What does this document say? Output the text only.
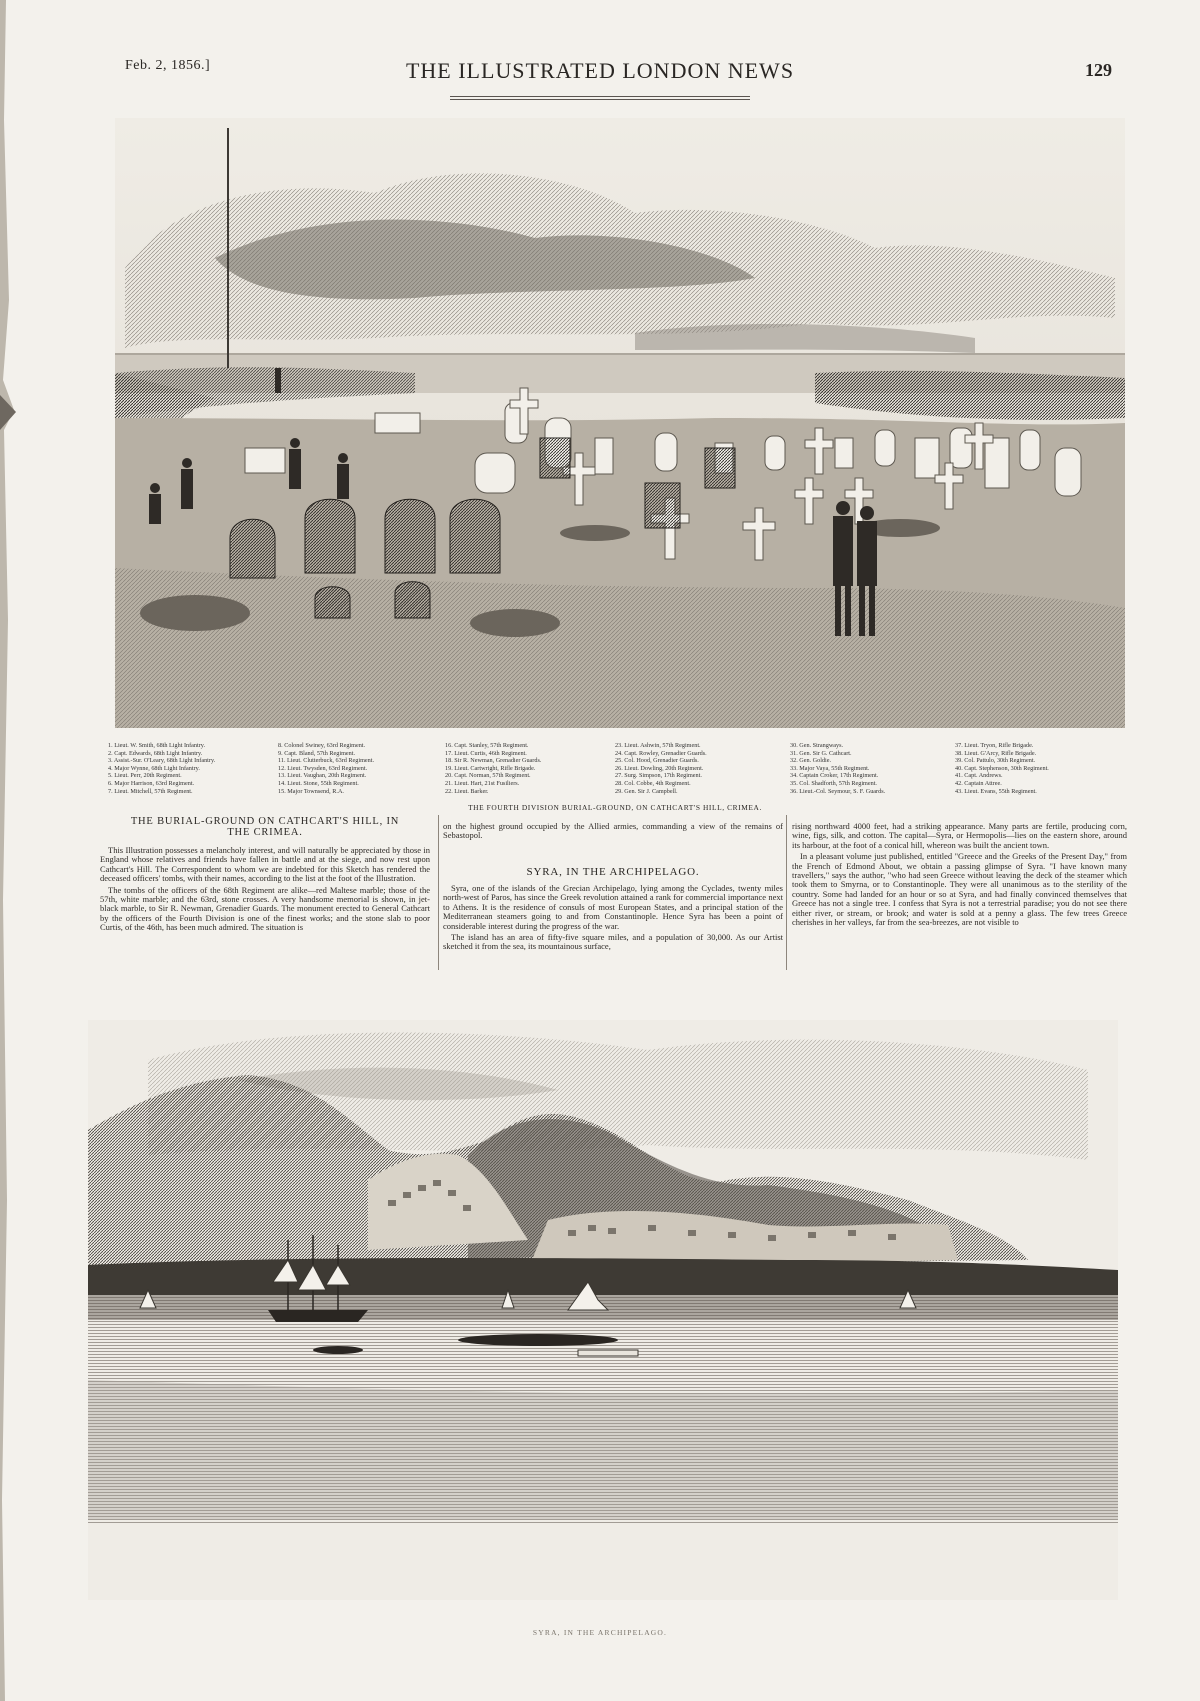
Feb. 2, 1856.]	THE ILLUSTRATED LONDON NEWS	129
1. Lieut. W. Smith, 68th Light Infantry.
2. Capt. Edwards, 68th Light Infantry.
3. Assist.-Sur. O'Leary, 68th Light Infantry.
4. Major Wynne, 68th Light Infantry.
5. Lieut. Perr, 20th Regiment.
6. Major Harrison, 63rd Regiment.
7. Lieut. Mitchell, 57th Regiment.
8. Colonel Swiney, 63rd Regiment.
9. Capt. Bland, 57th Regiment.
11. Lieut. Clutterbuck, 63rd Regiment.
12. Lieut. Twysden, 63rd Regiment.
13. Lieut. Vaughan, 20th Regiment.
14. Lieut. Stone, 55th Regiment.
15. Major Townsend, R.A.
16. Capt. Stanley, 57th Regiment.
17. Lieut. Curtis, 46th Regiment.
18. Sir R. Newman, Grenadier Guards.
19. Lieut. Cartwright, Rifle Brigade.
20. Capt. Norman, 57th Regiment.
21. Lieut. Hart, 21st Fusiliers.
22. Lieut. Barker.
23. Lieut. Ashwin, 57th Regiment.
24. Capt. Rowley, Grenadier Guards.
25. Col. Hood, Grenadier Guards.
26. Lieut. Dowling, 20th Regiment.
27. Surg. Simpson, 17th Regiment.
28. Col. Cobbe, 4th Regiment.
29. Gen. Sir J. Campbell.
30. Gen. Strangways.
31. Gen. Sir G. Cathcart.
32. Gen. Goldie.
33. Major Vaya, 55th Regiment.
34. Captain Croker, 17th Regiment.
35. Col. Shadforth, 57th Regiment.
36. Lieut.-Col. Seymour, S. F. Guards.
37. Lieut. Tryon, Rifle Brigade.
38. Lieut. G'Arcy, Rifle Brigade.
39. Col. Pattulo, 30th Regiment.
40. Capt. Stephenson, 30th Regiment.
41. Capt. Andrews.
42. Captain Attree.
43. Lieut. Evans, 55th Regiment.
THE FOURTH DIVISION BURIAL-GROUND, ON CATHCART'S HILL, CRIMEA.
THE BURIAL-GROUND ON CATHCART'S HILL, IN
THE CRIMEA.

This Illustration possesses a melancholy interest, and will naturally be appreciated by those in England whose relatives and friends have fallen in battle and at the siege, and now rest upon Cathcart's Hill. The Correspondent to whom we are indebted for this Sketch has rendered the deceased officers' tombs, with their names, according to the list at the foot of the Illustration.

The tombs of the officers of the 68th Regiment are alike—red Maltese marble; those of the 57th, white marble; and the 63rd, stone crosses. A very handsome memorial is shown, in jet-black marble, to Sir R. Newman, Grenadier Guards. The monument erected to General Cathcart by the officers of the Fourth Division is one of the finest works; and the stone slab to poor Curtis, of the 46th, has been much admired. The situation is

on the highest ground occupied by the Allied armies, commanding a view of the remains of Sebastopol.

SYRA, IN THE ARCHIPELAGO.

Syra, one of the islands of the Grecian Archipelago, lying among the Cyclades, twenty miles north-west of Paros, has since the Greek revolution attained a rank for commercial importance next to Athens. It is the residence of consuls of most European States, and a principal station of the Mediterranean steamers going to and from Constantinople. Hence Syra has been a point of considerable interest during the progress of the war.

The island has an area of fifty-five square miles, and a population of 30,000. As our Artist sketched it from the sea, its mountainous surface,

rising northward 4000 feet, had a striking appearance. Many parts are fertile, producing corn, wine, figs, silk, and cotton. The capital—Syra, or Hermopolis—lies on the eastern shore, around its harbour, at the foot of a conical hill, whereon was built the ancient town.

In a pleasant volume just published, entitled "Greece and the Greeks of the Present Day," from the French of Edmond About, we obtain a passing glimpse of Syra. "I have known many travellers," says the author, "who had seen Greece without leaving the deck of the steamer which took them to Smyrna, or to Constantinople. They were all unanimous as to the sterility of the country. Some had landed for an hour or so at Syra, and had finally convinced themselves that Greece has not a single tree. I confess that Syra is not a terrestrial paradise; you do not see there either river, or stream, or brook; and water is sold at a penny a glass. The few trees Greece cherishes in her valleys, far from the sea-breezes, are not visible to

SYRA, IN THE ARCHIPELAGO.
